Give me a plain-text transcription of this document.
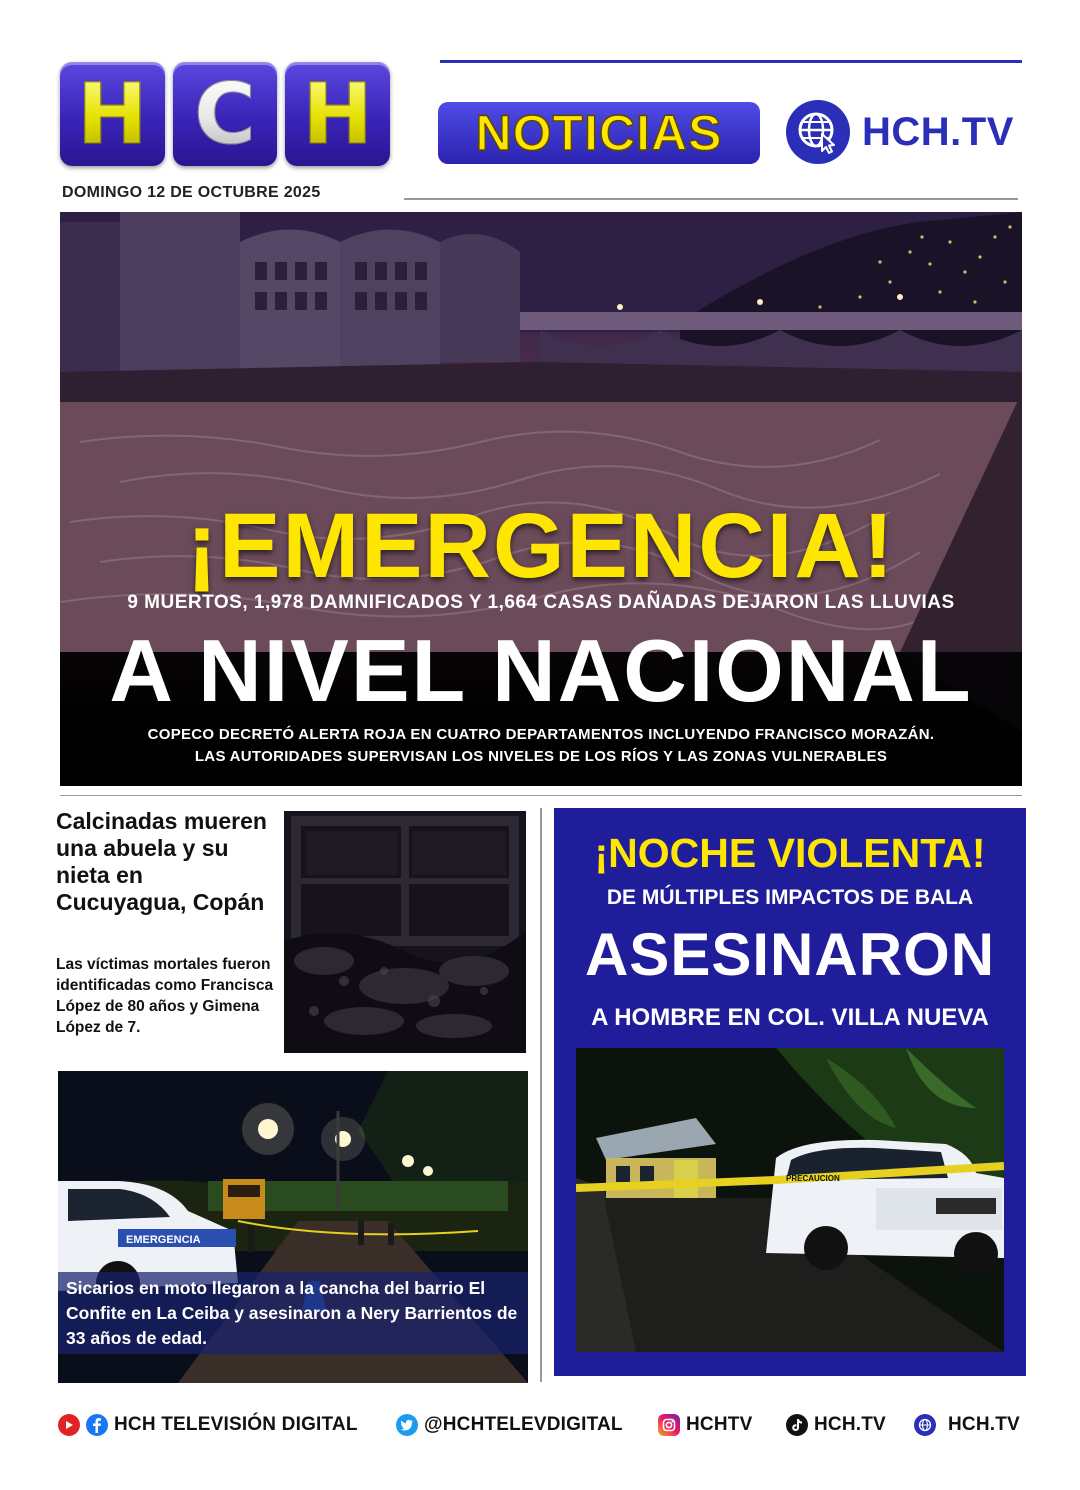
H C H NOTICIAS	HCH.TV
DOMINGO 12 DE OCTUBRE 2025
¡EMERGENCIA!
9 MUERTOS, 1,978 DAMNIFICADOS Y 1,664 CASAS DAÑADAS DEJARON LAS LLUVIAS
A NIVEL NACIONAL
COPECO DECRETÓ ALERTA ROJA EN CUATRO DEPARTAMENTOS INCLUYENDO FRANCISCO MORAZÁN.
LAS AUTORIDADES SUPERVISAN LOS NIVELES DE LOS RÍOS Y LAS ZONAS VULNERABLES
Calcinadas mueren una abuela y su nieta en Cucuyagua, Copán
Las víctimas mortales fueron identificadas como Francisca López de 80 años y Gimena López de 7.
EMERGENCIA
Sicarios en moto llegaron a la cancha del barrio El Confite en La Ceiba y asesinaron a Nery Barrientos de 33 años de edad.
¡NOCHE VIOLENTA!
DE MÚLTIPLES IMPACTOS DE BALA
ASESINARON
A HOMBRE EN COL. VILLA NUEVA
PRECAUCION
HCH TELEVISIÓN DIGITAL	@HCHTELEVDIGITAL	HCHTV	HCH.TV	HCH.TV
